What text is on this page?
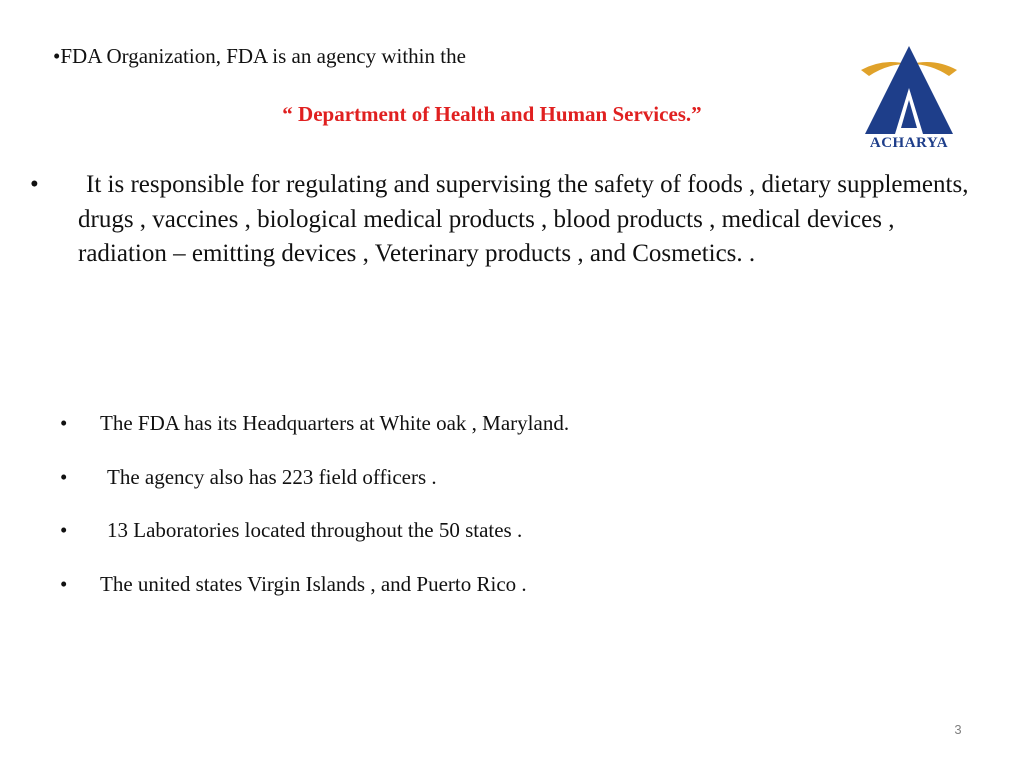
•FDA Organization, FDA is an agency within the
“ Department of Health and Human Services.”
ACHARYA
•	It is responsible for regulating and supervising the safety of foods , dietary supplements, drugs , vaccines , biological medical products , blood products , medical devices , radiation – emitting devices , Veterinary products , and Cosmetics. .
• The FDA has its Headquarters at White oak , Maryland.
• The agency also has 223 field officers .
• 13 Laboratories located throughout the 50 states .
• The united states Virgin Islands , and Puerto Rico .
3
